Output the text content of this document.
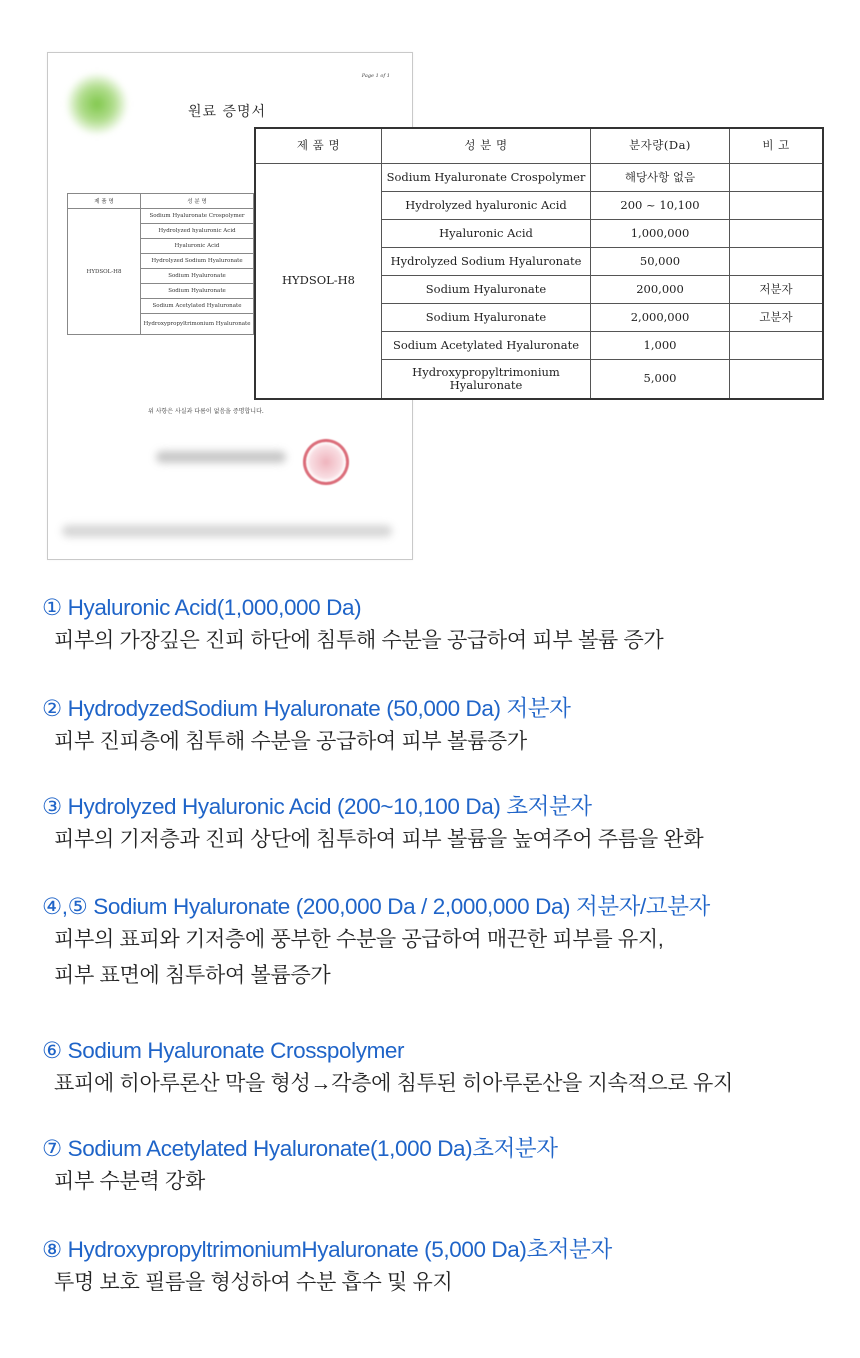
Page 1 of 1
원료 증명서
제 품 명	성 분 명
HYDSOL-H8	Sodium Hyaluronate Crospolymer
	Hydrolyzed hyaluronic Acid
	Hyaluronic Acid
	Hydrolyzed Sodium Hyaluronate
	Sodium Hyaluronate
	Sodium Hyaluronate
	Sodium Acetylated Hyaluronate
	Hydroxypropyltrimonium Hyaluronate
위 사항은 사실과 다름이 없음을 증명합니다.
제 품 명	성 분 명	분자량(Da)	비 고
HYDSOL-H8	Sodium Hyaluronate Crospolymer	해당사항 없음	
	Hydrolyzed hyaluronic Acid	200 ~ 10,100	
	Hyaluronic Acid	1,000,000	
	Hydrolyzed Sodium Hyaluronate	50,000	
	Sodium Hyaluronate	200,000	저분자
	Sodium Hyaluronate	2,000,000	고분자
	Sodium Acetylated Hyaluronate	1,000	
	Hydroxypropyltrimonium Hyaluronate	5,000	
① Hyaluronic Acid(1,000,000 Da)
피부의 가장깊은 진피 하단에 침투해 수분을 공급하여 피부 볼륨 증가
② HydrodyzedSodium Hyaluronate (50,000 Da) 저분자
피부 진피층에 침투해 수분을 공급하여 피부 볼륨증가
③ Hydrolyzed Hyaluronic Acid (200~10,100 Da) 초저분자
피부의 기저층과 진피 상단에 침투하여 피부 볼륨을 높여주어 주름을 완화
④,⑤ Sodium Hyaluronate (200,000 Da / 2,000,000 Da) 저분자/고분자
피부의 표피와 기저층에 풍부한 수분을 공급하여 매끈한 피부를 유지,
피부 표면에 침투하여 볼륨증가
⑥ Sodium Hyaluronate Crosspolymer
표피에 히아루론산 막을 형성→각층에 침투된 히아루론산을 지속적으로 유지
⑦ Sodium Acetylated Hyaluronate(1,000 Da)초저분자
피부 수분력 강화
⑧ HydroxypropyltrimoniumHyaluronate (5,000 Da)초저분자
투명 보호 필름을 형성하여 수분 흡수 및 유지
